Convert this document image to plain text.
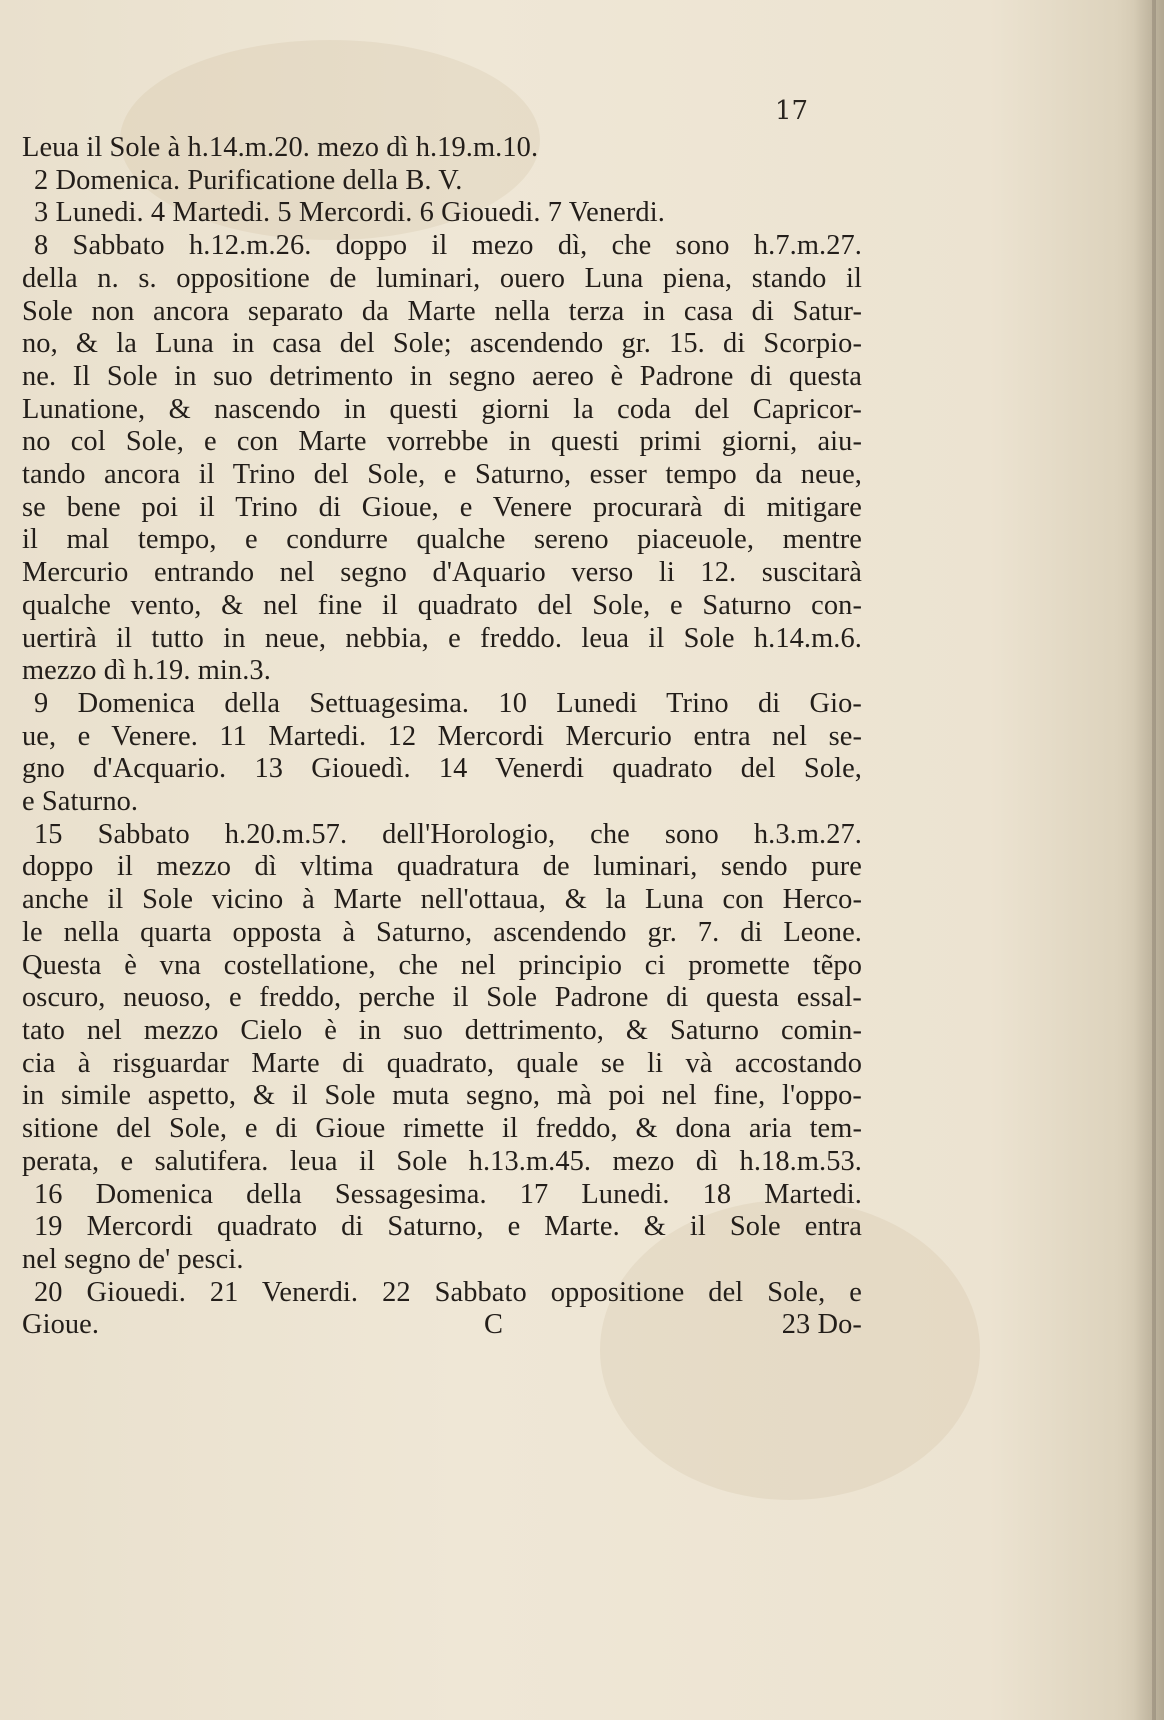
17
Leua il Sole à h.14.m.20. mezo dì h.19.m.10.
2 Domenica. Purificatione della B. V.
3 Lunedi. 4 Martedi. 5 Mercordi. 6 Giouedi. 7 Venerdi.
8 Sabbato h.12.m.26. doppo il mezo dì, che sono h.7.m.27.
della n. s. oppositione de luminari, ouero Luna piena, stando il
Sole non ancora separato da Marte nella terza in casa di Satur-
no, & la Luna in casa del Sole; ascendendo gr. 15. di Scorpio-
ne. Il Sole in suo detrimento in segno aereo è Padrone di questa
Lunatione, & nascendo in questi giorni la coda del Capricor-
no col Sole, e con Marte vorrebbe in questi primi giorni, aiu-
tando ancora il Trino del Sole, e Saturno, esser tempo da neue,
se bene poi il Trino di Gioue, e Venere procurarà di mitigare
il mal tempo, e condurre qualche sereno piaceuole, mentre
Mercurio entrando nel segno d'Aquario verso li 12. suscitarà
qualche vento, & nel fine il quadrato del Sole, e Saturno con-
uertirà il tutto in neue, nebbia, e freddo. leua il Sole h.14.m.6.
mezzo dì h.19. min.3.
9 Domenica della Settuagesima. 10 Lunedi Trino di Gio-
ue, e Venere. 11 Martedi. 12 Mercordi Mercurio entra nel se-
gno d'Acquario. 13 Giouedì. 14 Venerdi quadrato del Sole,
e Saturno.
15 Sabbato h.20.m.57. dell'Horologio, che sono h.3.m.27.
doppo il mezzo dì vltima quadratura de luminari, sendo pure
anche il Sole vicino à Marte nell'ottaua, & la Luna con Herco-
le nella quarta opposta à Saturno, ascendendo gr. 7. di Leone.
Questa è vna costellatione, che nel principio ci promette tẽpo
oscuro, neuoso, e freddo, perche il Sole Padrone di questa essal-
tato nel mezzo Cielo è in suo dettrimento, & Saturno comin-
cia à risguardar Marte di quadrato, quale se li và accostando
in simile aspetto, & il Sole muta segno, mà poi nel fine, l'oppo-
sitione del Sole, e di Gioue rimette il freddo, & dona aria tem-
perata, e salutifera. leua il Sole h.13.m.45. mezo dì h.18.m.53.
16 Domenica della Sessagesima. 17 Lunedi. 18 Martedi.
19 Mercordi quadrato di Saturno, e Marte. & il Sole entra
nel segno de' pesci.
20 Giouedi. 21 Venerdi. 22 Sabbato oppositione del Sole, e
Gioue.	C	23 Do-
